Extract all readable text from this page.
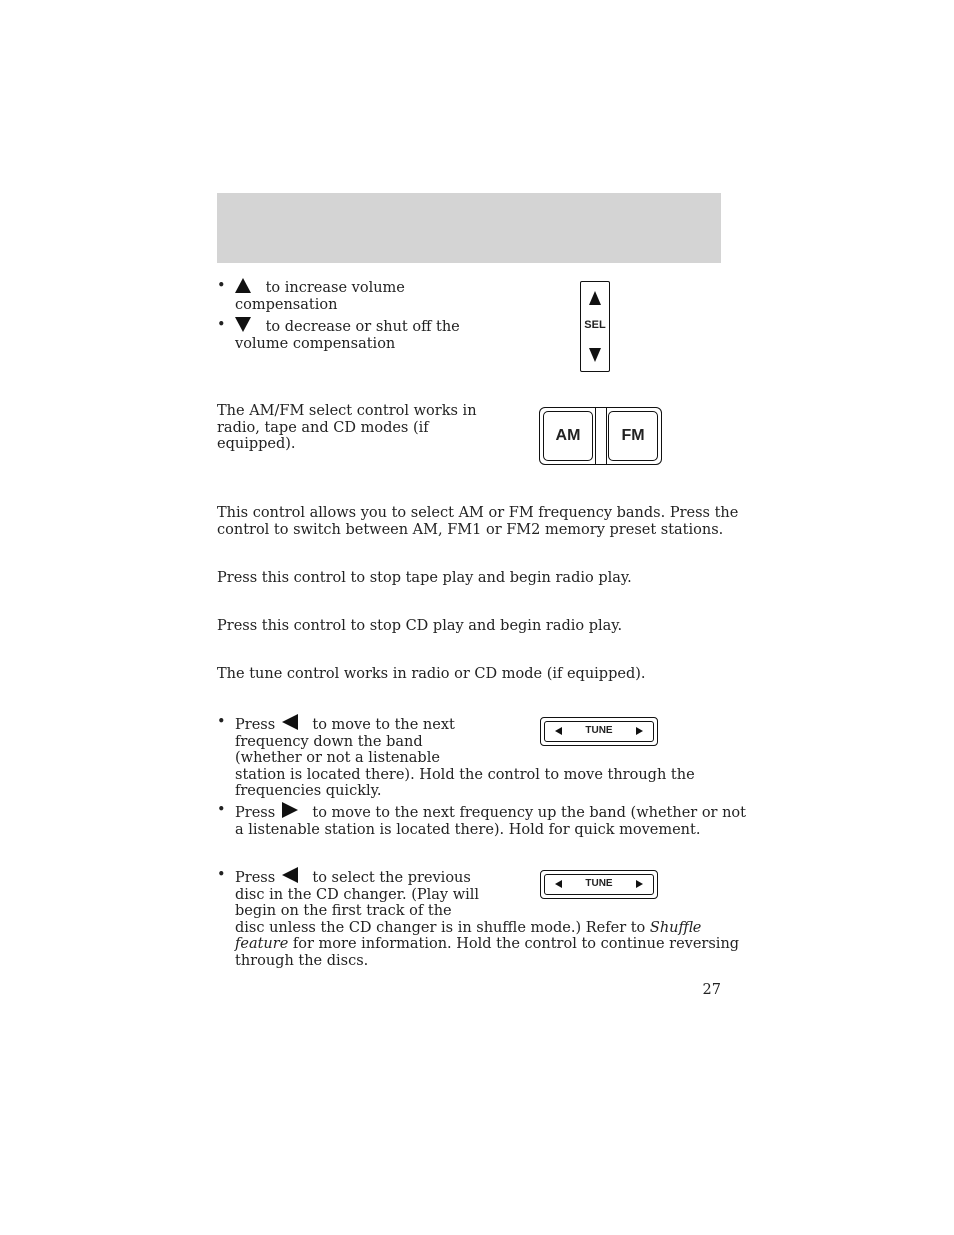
•	to increase volume
compensation
•	to decrease or shut off the
volume compensation
SEL
The AM/FM select control works in
radio, tape and CD modes (if
equipped).	AM	FM
This control allows you to select AM or FM frequency bands. Press the
control to switch between AM, FM1 or FM2 memory preset stations.
Press this control to stop tape play and begin radio play.
Press this control to stop CD play and begin radio play.
The tune control works in radio or CD mode (if equipped).
• Press	to move to the next
frequency down the band
(whether or not a listenable
station is located there). Hold the control to move through the
frequencies quickly.
TUNE
• Press	to move to the next frequency up the band (whether or not
a listenable station is located there). Hold for quick movement.
• Press	to select the previous
disc in the CD changer. (Play will
begin on the first track of the
disc unless the CD changer is in shuffle mode.) Refer to Shuffle
feature for more information. Hold the control to continue reversing
through the discs.
TUNE
27
